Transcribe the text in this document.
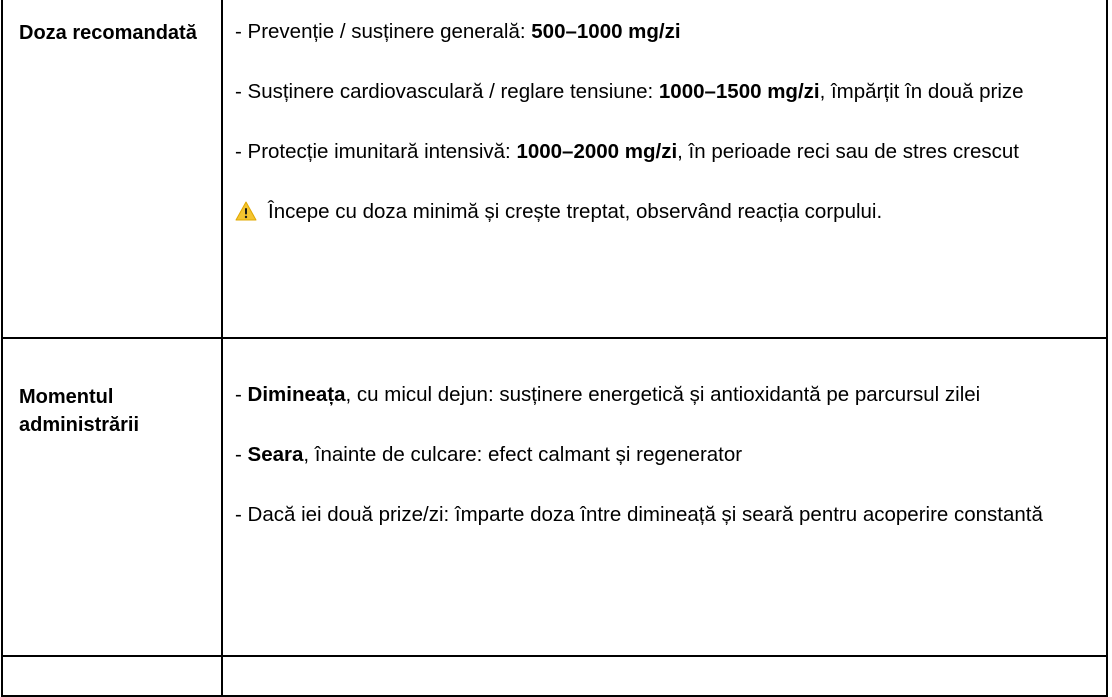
Doza recomandată	- Prevenție / susținere generală: 500–1000 mg/zi

- Susținere cardiovasculară / reglare tensiune: 1000–1500 mg/zi, împărțit în două prize

- Protecție imunitară intensivă: 1000–2000 mg/zi, în perioade reci sau de stres crescut

Începe cu doza minimă și crește treptat, observând reacția corpului.

Momentul administrării	- Dimineața, cu micul dejun: susținere energetică și antioxidantă pe parcursul zilei

- Seara, înainte de culcare: efect calmant și regenerator

- Dacă iei două prize/zi: împarte doza între dimineață și seară pentru acoperire constantă
